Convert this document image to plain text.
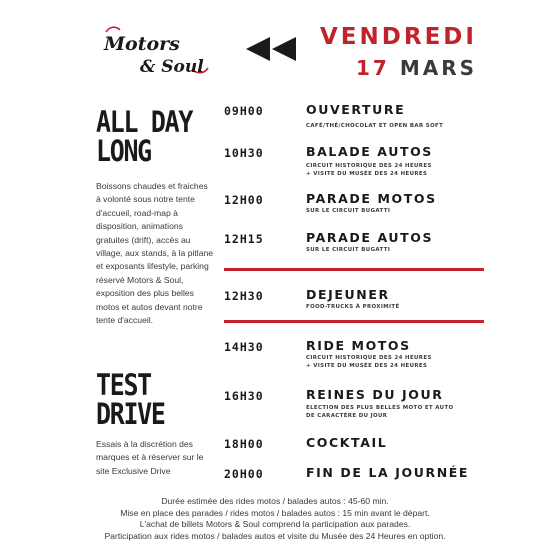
Motors
& Soul
VENDREDI
17 MARS
ALL DAY
LONG
Boissons chaudes et fraiches à volonté sous notre tente d'accueil, road-map à disposition, animations gratuites (drift), accès au village, aux stands, à la pitlane et exposants lifestyle, parking réservé Motors & Soul, exposition des plus belles motos et autos devant notre tente d'accueil.
TEST
DRIVE
Essais à la discrétion des marques et à réserver sur le site Exclusive Drive
09H00	OUVERTURE
CAFÉ/THÉ/CHOCOLAT ET OPEN BAR SOFT
10H30	BALADE AUTOS
CIRCUIT HISTORIQUE DES 24 HEURES
+ VISITE DU MUSÉE DES 24 HEURES
12H00	PARADE MOTOS
SUR LE CIRCUIT BUGATTI
12H15	PARADE AUTOS
SUR LE CIRCUIT BUGATTI
12H30	DEJEUNER
FOOD-TRUCKS À PROXIMITÉ
14H30	RIDE MOTOS
CIRCUIT HISTORIQUE DES 24 HEURES
+ VISITE DU MUSÉE DES 24 HEURES
16H30	REINES DU JOUR
ELECTION DES PLUS BELLES MOTO ET AUTO
DE CARACTÈRE DU JOUR
18H00	COCKTAIL
20H00	FIN DE LA JOURNÉE
Durée estimée des rides motos / balades autos : 45-60 min.
Mise en place des parades / rides motos / balades autos : 15 min avant le départ.
L'achat de billets Motors & Soul comprend la participation aux parades.
Participation aux rides motos / balades autos et visite du Musée des 24 Heures en option.
